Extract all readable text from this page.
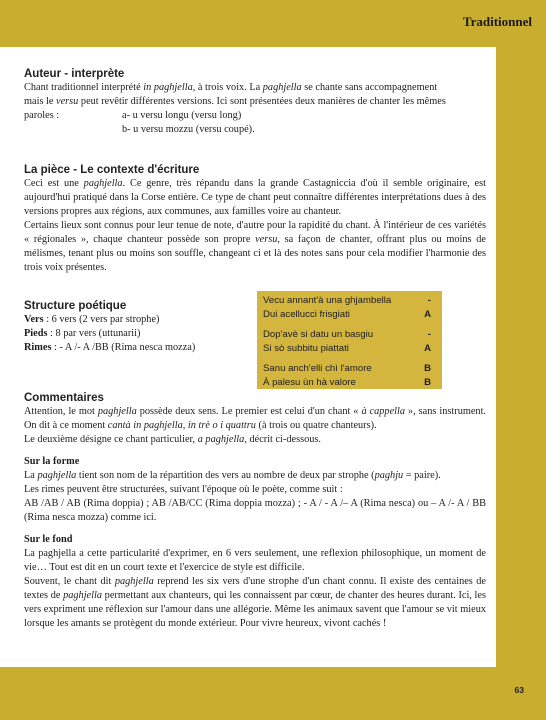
Traditionnel
Auteur - interprète

Chant traditionnel interprété in paghjella, à trois voix. La paghjella se chante sans accompagnement

mais le versu peut revêtir différentes versions. Ici sont présentées deux manières de chanter les mêmes

paroles :	a- u versu longu (versu long)

b- u versu mozzu (versu coupé).

La pièce - Le contexte d'écriture

Ceci est une paghjella. Ce genre, très répandu dans la grande Castagniccia d'où il semble originaire, est aujourd'hui pratiqué dans la Corse entière. Ce type de chant peut connaître différentes interprétations dues à des versions propres aux régions, aux communes, aux familles voire au chanteur.

Certains lieux sont connus pour leur tenue de note, d'autre pour la rapidité du chant. À l'intérieur de ces variétés « régionales », chaque chanteur possède son propre versu, sa façon de chanter, offrant plus ou moins de mélismes, tenant plus ou moins son souffle, changeant ci et là des notes sans pour cela modifier l'harmonie des trois voix présentes.

Structure poétique

Vers : 6 vers (2 vers par strophe)

Pieds : 8 par vers (uttunarii)

Rimes : - A /- A /BB (Rima nesca mozza)

Vecu annant'à una ghjambella	-
Dui acellucci frisgiati	A
Dop'avè si datu un basgiu	-
Si sò subbitu piattati	A
Sanu anch'elli chì l'amore	B
À palesu ùn hà valore	B
Commentaires

Attention, le mot paghjella possède deux sens. Le premier est celui d'un chant « à cappella », sans instrument. On dit à ce moment cantà in paghjella, in trè o i quattru (à trois ou quatre chanteurs).

Le deuxième désigne ce chant particulier, a paghjella, décrit ci-dessous.

Sur la forme

La paghjella tient son nom de la répartition des vers au nombre de deux par strophe (paghju = paire).

Les rimes peuvent être structurées, suivant l'époque où le poète, comme suit :

AB /AB / AB (Rima doppia) ; AB /AB/CC (Rima doppia mozza) ; - A / - A /– A (Rima nesca) ou – A /- A / BB (Rima nesca mozza) comme ici.

Sur le fond

La paghjella a cette particularité d'exprimer, en 6 vers seulement, une reflexion philosophique, un moment de vie… Tout est dit en un court texte et l'exercice de style est difficile.

Souvent, le chant dit paghjella reprend les six vers d'une strophe d'un chant connu. Il existe des centaines de textes de paghjella permettant aux chanteurs, qui les connaissent par cœur, de chanter des heures durant. Ici, les vers expriment une réflexion sur l'amour dans une allégorie. Même les animaux savent que l'amour se vit mieux lorsque les amants se protègent du monde extérieur. Pour vivre heureux, vivont cachés !

63
